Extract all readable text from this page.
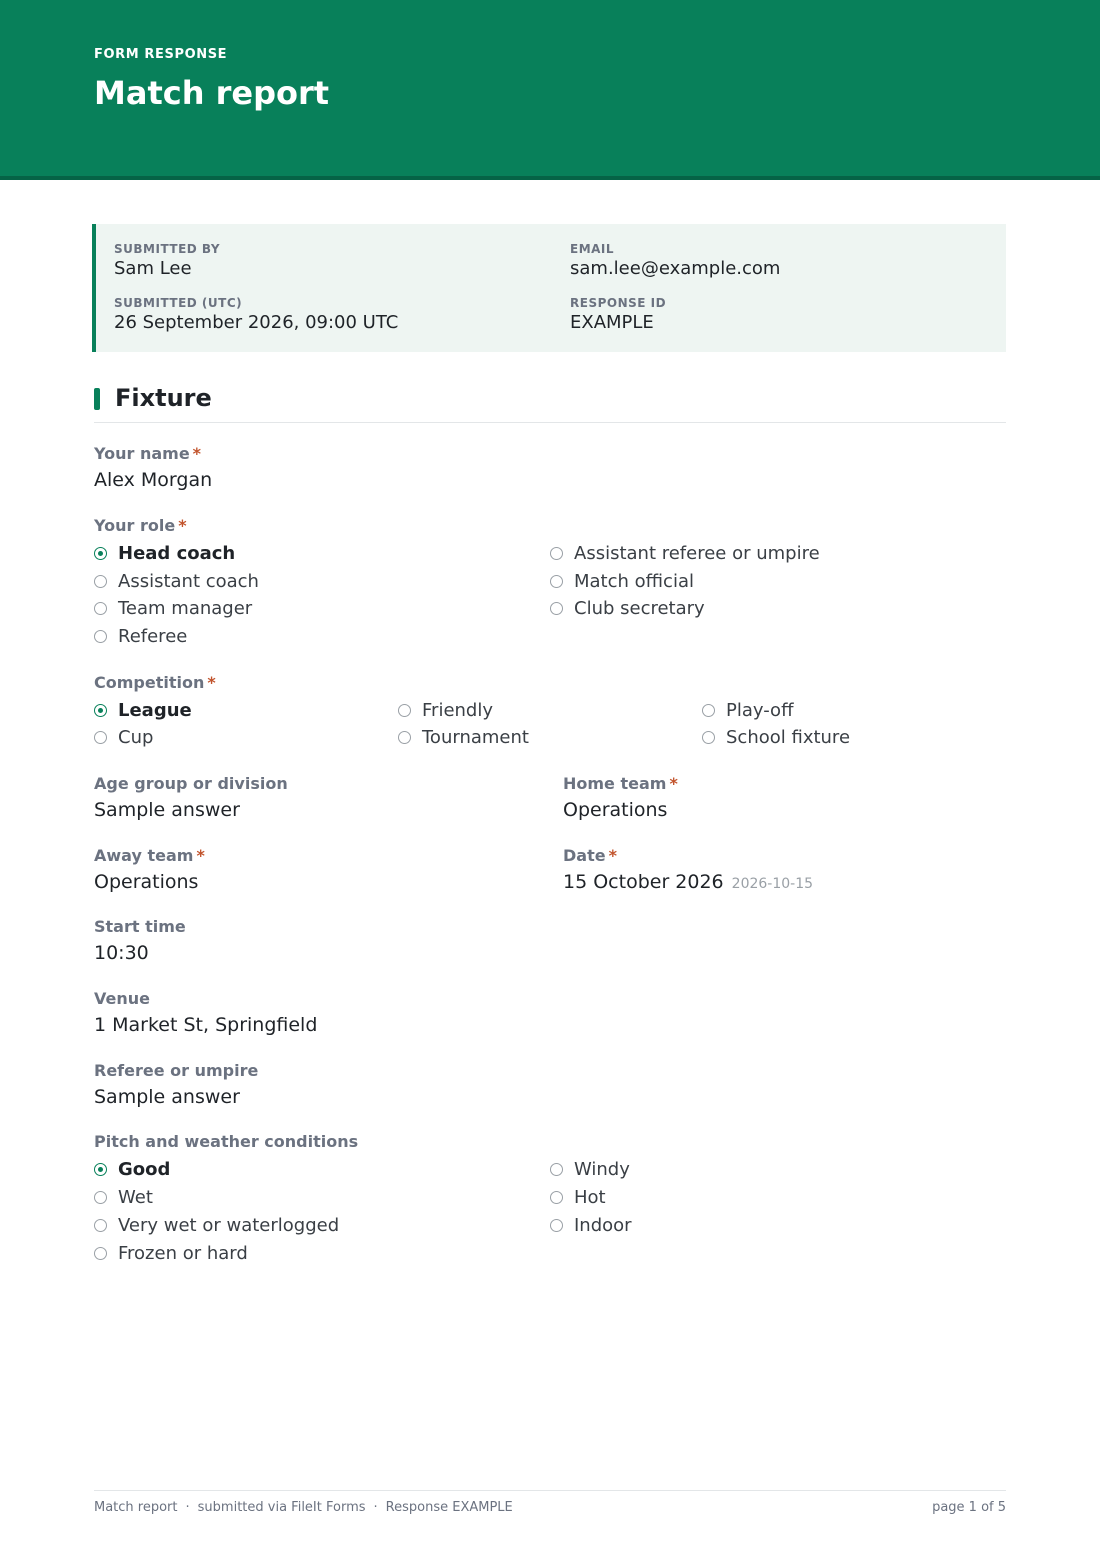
FORM RESPONSE
Match report
SUBMITTED BY
Sam Lee
EMAIL
sam.lee@example.com
SUBMITTED (UTC)
26 September 2026, 09:00 UTC
RESPONSE ID
EXAMPLE
Fixture
Your name *
Alex Morgan
Your role *
Head coach
Assistant coach
Team manager
Referee
Assistant referee or umpire
Match official
Club secretary
Competition *
League
Cup
Friendly
Tournament
Play-off
School fixture
Age group or division
Sample answer
Home team *
Operations
Away team *
Operations
Date *
15 October 2026 2026-10-15
Start time
10:30
Venue
1 Market St, Springfield
Referee or umpire
Sample answer
Pitch and weather conditions
Good
Wet
Very wet or waterlogged
Frozen or hard
Windy
Hot
Indoor
Match report · submitted via FileIt Forms · Response EXAMPLE	page 1 of 5
